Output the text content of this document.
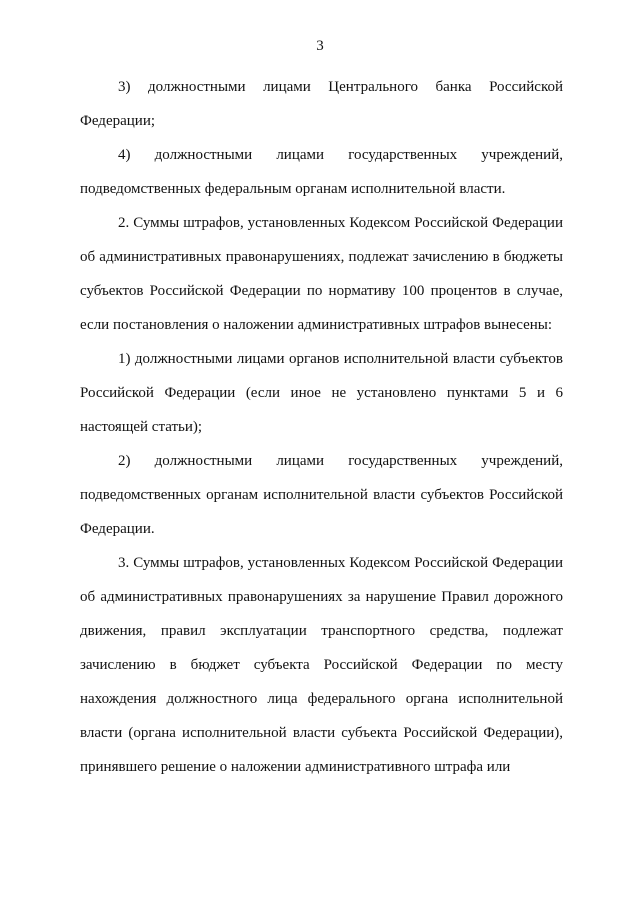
3

3) должностными лицами Центрального банка Российской Федерации;

4) должностными лицами государственных учреждений, подведомственных федеральным органам исполнительной власти.

2. Суммы штрафов, установленных Кодексом Российской Федерации об административных правонарушениях, подлежат зачислению в бюджеты субъектов Российской Федерации по нормативу 100 процентов в случае, если постановления о наложении административных штрафов вынесены:

1) должностными лицами органов исполнительной власти субъектов Российской Федерации (если иное не установлено пунктами 5 и 6 настоящей статьи);

2) должностными лицами государственных учреждений, подведомственных органам исполнительной власти субъектов Российской Федерации.

3. Суммы штрафов, установленных Кодексом Российской Федерации об административных правонарушениях за нарушение Правил дорожного движения, правил эксплуатации транспортного средства, подлежат зачислению в бюджет субъекта Российской Федерации по месту нахождения должностного лица федерального органа исполнительной власти (органа исполнительной власти субъекта Российской Федерации), принявшего решение о наложении административного штрафа или
